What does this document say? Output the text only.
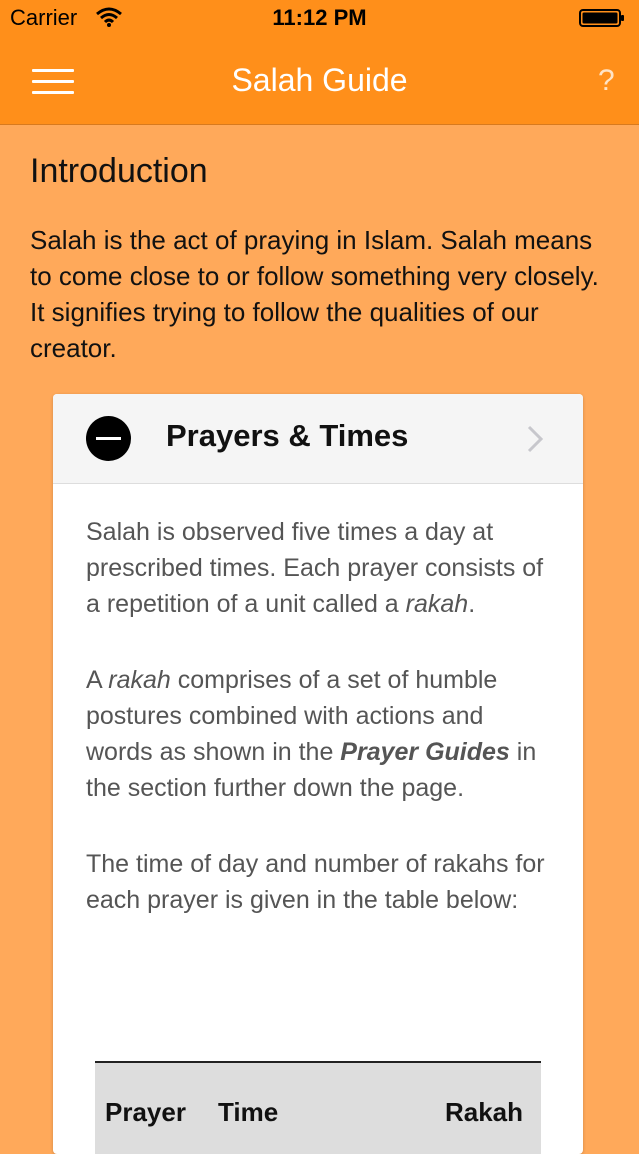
Carrier	11:12 PM
Salah Guide	?
Introduction
Salah is the act of praying in Islam. Salah means to come close to or follow something very closely. It signifies trying to follow the qualities of our creator.
Prayers & Times

Salah is observed five times a day at prescribed times. Each prayer consists of a repetition of a unit called a rakah.

A rakah comprises of a set of humble postures combined with actions and words as shown in the Prayer Guides in the section further down the page.

The time of day and number of rakahs for each prayer is given in the table below:

Prayer Time	Rakah
